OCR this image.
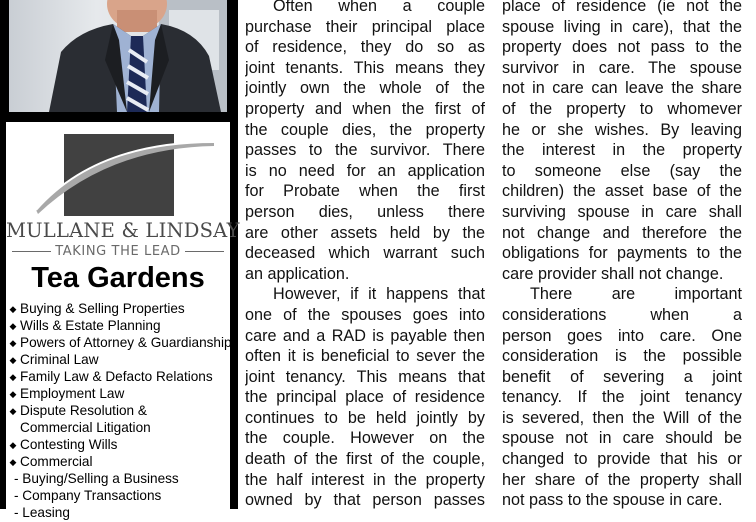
MULLANE & LINDSAY
TAKING THE LEAD
Tea Gardens
◆ Buying & Selling Properties
◆ Wills & Estate Planning
◆ Powers of Attorney & Guardianship
◆ Criminal Law
◆ Family Law & Defacto Relations
◆ Employment Law
◆ Dispute Resolution &
Commercial Litigation
◆ Contesting Wills
◆ Commercial
- Buying/Selling a Business
- Company Transactions
- Leasing
Often when a couple
purchase their principal place
of residence, they do so as
joint tenants. This means they
jointly own the whole of the
property and when the first of
the couple dies, the property
passes to the survivor. There
is no need for an application
for Probate when the first
person dies, unless there
are other assets held by the
deceased which warrant such
an application.
However, if it happens that
one of the spouses goes into
care and a RAD is payable then
often it is beneficial to sever the
joint tenancy. This means that
the principal place of residence
continues to be held jointly by
the couple. However on the
death of the first of the couple,
the half interest in the property
owned by that person passes
place of residence (ie not the
spouse living in care), that the
property does not pass to the
survivor in care. The spouse
not in care can leave the share
of the property to whomever
he or she wishes. By leaving
the interest in the property
to someone else (say the
children) the asset base of the
surviving spouse in care shall
not change and therefore the
obligations for payments to the
care provider shall not change.
There are important
considerations when a
person goes into care. One
consideration is the possible
benefit of severing a joint
tenancy. If the joint tenancy
is severed, then the Will of the
spouse not in care should be
changed to provide that his or
her share of the property shall
not pass to the spouse in care.
